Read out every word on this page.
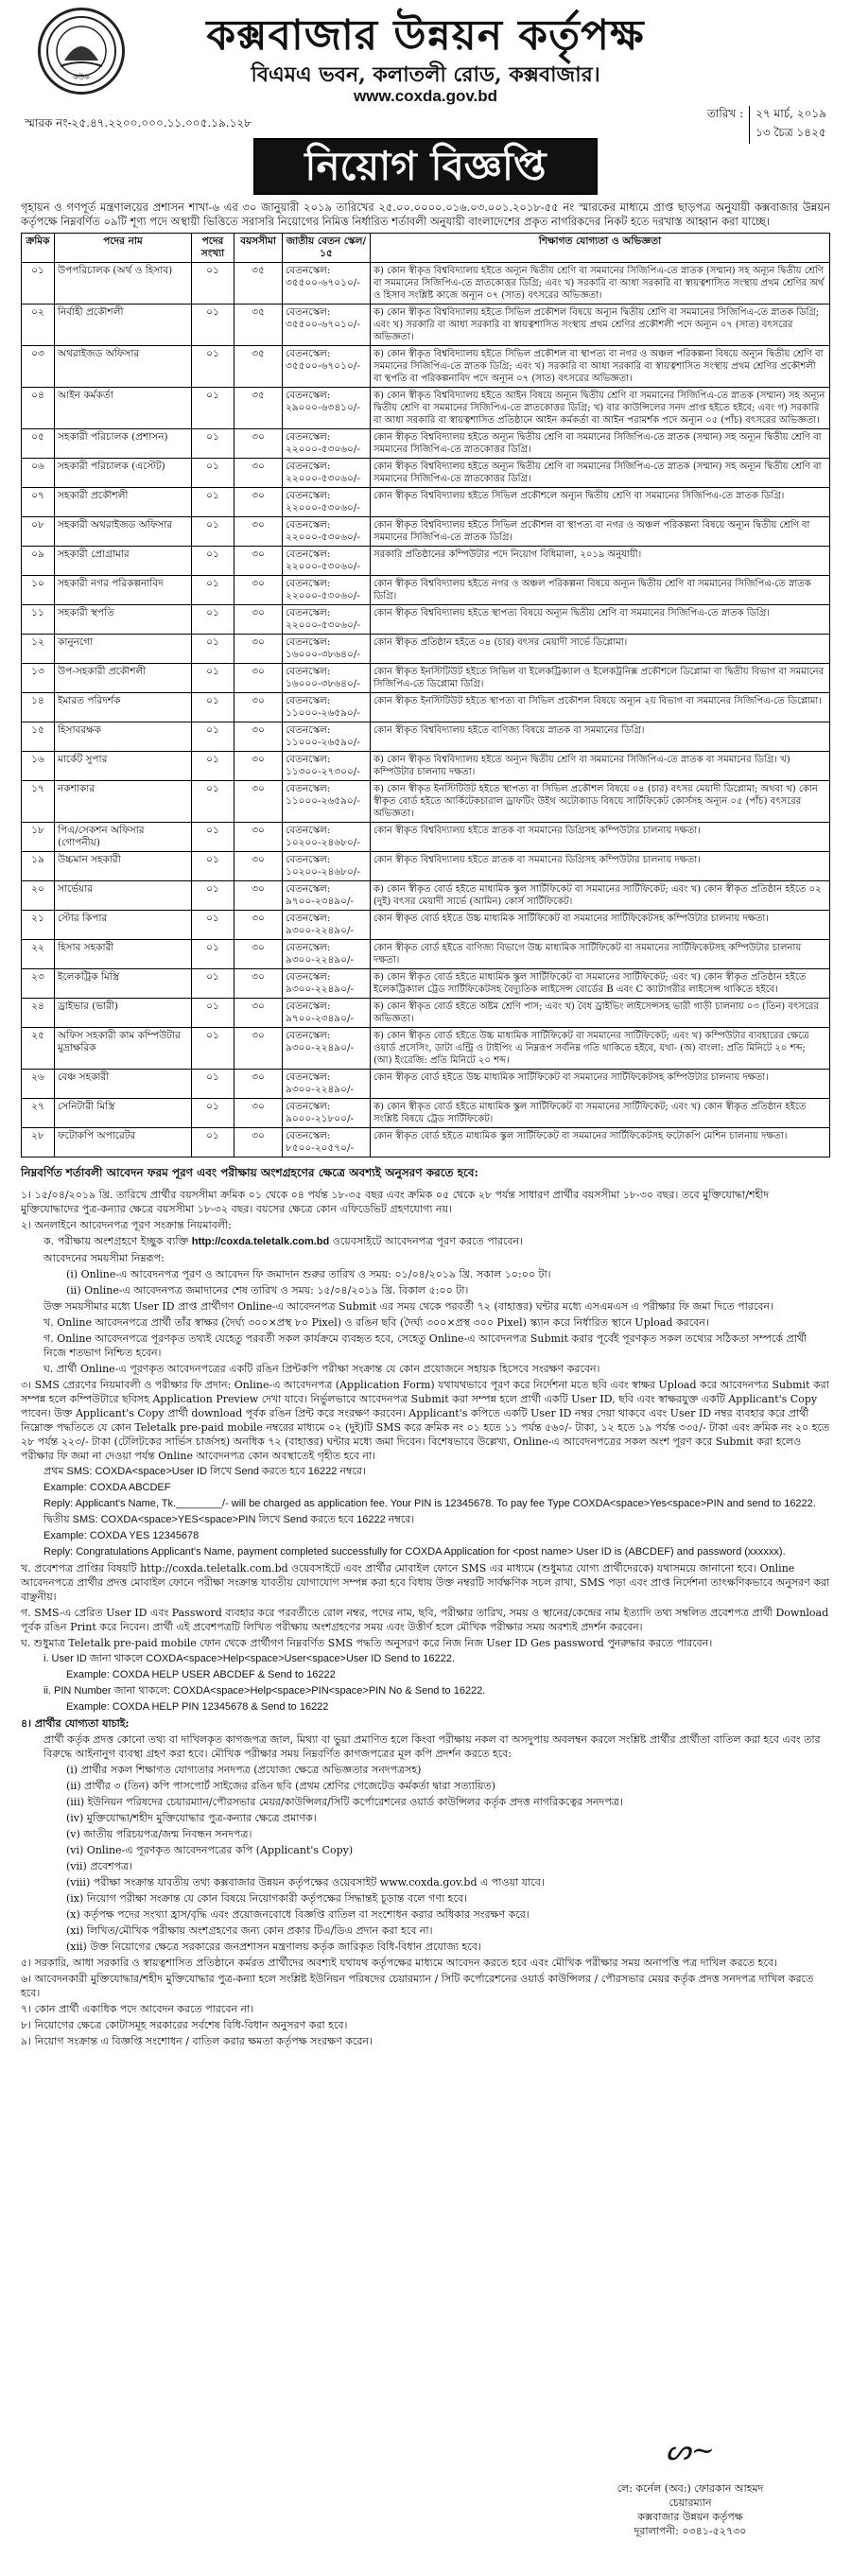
কউক
কক্সবাজার উন্নয়ন কর্তৃপক্ষ
বিএমএ ভবন, কলাতলী রোড, কক্সবাজার।
www.coxda.gov.bd
স্মারক নং-২৫.৪৭.২২০০.০০০.১১.০০৫.১৯.১২৮
তারিখ : ২৭ মার্চ, ২০১৯
১৩ চৈত্র ১৪২৫
নিয়োগ বিজ্ঞপ্তি
গৃহায়ন ও গণপূর্ত মন্ত্রণালয়ের প্রশাসন শাখা-৬ এর ৩০ জানুয়ারী ২০১৯ তারিখের ২৫.০০.০০০০.০১৬.০৩.০০১.২০১৮-৫৫ নং স্মারকের মাধ্যমে প্রাপ্ত ছাড়পত্র অনুযায়ী কক্সবাজার উন্নয়ন কর্তৃপক্ষে নিম্নবর্ণিত ০৯টি শূণ্য পদে অস্থায়ী ভিত্তিতে সরাসরি নিয়োগের নিমিত্ত নির্ধারিত শর্তাবলী অনুযায়ী বাংলাদেশের প্রকৃত নাগরিকদের নিকট হতে দরখাস্ত আহ্বান করা যাচ্ছে।
ক্রমিক	পদের নাম	পদের সংখ্যা	বয়সসীমা	জাতীয় বেতন স্কেল/১৫	শিক্ষাগত যোগ্যতা ও অভিজ্ঞতা
০১	উপপরিচালক (অর্থ ও হিসাব)	০১	৩৫	বেতনস্কেল: ৩৫৫০০-৬৭০১০/-	ক) কোন স্বীকৃত বিশ্ববিদ্যালয় হইতে অন্যূন দ্বিতীয় শ্রেণি বা সমমানের সিজিপিএ-তে স্নাতক (সম্মান) সহ অন্যূন দ্বিতীয় শ্রেণি বা সমমানের সিজিপিএ-তে স্নাতকোত্তর ডিগ্রি; এবং খ) সরকারি বা আধা সরকারি বা স্বায়ত্বশাসিত সংস্থায় প্রথম শ্রেণির অর্থ ও হিসাব সংশ্লিষ্ট কাজে অন্যূন ০৭ (সাত) বৎসরের অভিজ্ঞতা।
০২	নির্বাহী প্রকৌশলী	০১	৩৫	বেতনস্কেল: ৩৫৫০০-৬৭০১০/-	ক) কোন স্বীকৃত বিশ্ববিদ্যালয় হইতে সিভিল প্রকৌশল বিষয়ে অন্যূন দ্বিতীয় শ্রেণি বা সমমানের সিজিপিএ-তে স্নাতক ডিগ্রি; এবং খ) সরকারি বা আধা সরকারি বা স্বায়ত্বশাসিত সংস্থায় প্রথম শ্রেণির প্রকৌশলী পদে অন্যূন ০৭ (সাত) বৎসরের অভিজ্ঞতা।
০৩	অথরাইজড অফিসার	০১	৩৫	বেতনস্কেল: ৩৫৫০০-৬৭০১০/-	ক) কোন স্বীকৃত বিশ্ববিদ্যালয় হইতে সিভিল প্রকৌশল বা স্থাপত্য বা নগর ও অঞ্চল পরিকল্পনা বিষয়ে অন্যূন দ্বিতীয় শ্রেণি বা সমমানের সিজিপিএ-তে স্নাতক ডিগ্রি; এবং খ) সরকারি বা আধা সরকারি বা স্বায়ত্বশাসিত সংস্থায় প্রথম শ্রেণির প্রকৌশলী বা স্থপতি বা পরিকল্পনাবিদ পদে অন্যূন ০৭ (সাত) বৎসরের অভিজ্ঞতা।
০৪	আইন কর্মকর্তা	০১	৩৫	বেতনস্কেল: ২৯০০০-৬৩৪১০/-	ক) কোন স্বীকৃত বিশ্ববিদ্যালয় হইতে আইন বিষয়ে অন্যূন দ্বিতীয় শ্রেণি বা সমমানের সিজিপিএ-তে স্নাতক (সম্মান) সহ অন্যূন দ্বিতীয় শ্রেণি বা সমমানের সিজিপিএ-তে স্নাতকোত্তর ডিগ্রি; খ) বার কাউন্সিলের সনদ প্রাপ্ত হইতে হইবে; এবং গ) সরকারি বা আধা সরকারি বা স্বায়ত্বশাসিত প্রতিষ্ঠানে আইন কর্মকর্তা বা আইন পরামর্শক পদে অন্যূন ০৫ (পাঁচ) বৎসরের অভিজ্ঞতা।
০৫	সহকারী পরিচালক (প্রশাসন)	০১	৩০	বেতনস্কেল: ২২০০০-৫৩০৬০/-	কোন স্বীকৃত বিশ্ববিদ্যালয় হইতে অন্যূন দ্বিতীয় শ্রেণি বা সমমানের সিজিপিএ-তে স্নাতক (সম্মান) সহ অন্যূন দ্বিতীয় শ্রেণি বা সমমানের সিজিপিএ-তে স্নাতকোত্তর ডিগ্রি।
০৬	সহকারী পরিচালক (এস্টেট)	০১	৩০	বেতনস্কেল: ২২০০০-৫৩০৬০/-	কোন স্বীকৃত বিশ্ববিদ্যালয় হইতে অন্যূন দ্বিতীয় শ্রেণি বা সমমানের সিজিপিএ-তে স্নাতক (সম্মান) সহ অন্যূন দ্বিতীয় শ্রেণি বা সমমানের সিজিপিএ-তে স্নাতকোত্তর ডিগ্রি।
০৭	সহকারী প্রকৌশলী	০১	৩০	বেতনস্কেল: ২২০০০-৫৩০৬০/-	কোন স্বীকৃত বিশ্ববিদ্যালয় হইতে সিভিল প্রকৌশলে অন্যূন দ্বিতীয় শ্রেণি বা সমমানের সিজিপিএ-তে স্নাতক ডিগ্রি।
০৮	সহকারী অথরাইজড অফিসার	০১	৩০	বেতনস্কেল: ২২০০০-৫৩০৬০/-	কোন স্বীকৃত বিশ্ববিদ্যালয় হইতে সিভিল প্রকৌশল বা স্থাপত্য বা নগর ও অঞ্চল পরিকল্পনা বিষয়ে অন্যূন দ্বিতীয় শ্রেণি বা সমমানের সিজিপিএ-তে স্নাতক ডিগ্রি।
০৯	সহকারী প্রোগ্রামার	০১	৩০	বেতনস্কেল: ২২০০০-৫৩০৬০/-	সরকারি প্রতিষ্ঠানের কম্পিউটার পদে নিয়োগ বিধিমালা, ২০১৯ অনুযায়ী।
১০	সহকারী নগর পরিকল্পনাবিদ	০১	৩০	বেতনস্কেল: ২২০০০-৫৩০৬০/-	কোন স্বীকৃত বিশ্ববিদ্যালয় হইতে নগর ও অঞ্চল পরিকল্পনা বিষয়ে অন্যূন দ্বিতীয় শ্রেণি বা সমমানের সিজিপিএ-তে স্নাতক ডিগ্রি।
১১	সহকারী স্থপতি	০১	৩০	বেতনস্কেল: ২২০০০-৫৩০৬০/-	কোন স্বীকৃত বিশ্ববিদ্যালয় হইতে স্থাপত্য বিষয়ে অন্যূন দ্বিতীয় শ্রেণি বা সমমানের সিজিপিএ-তে স্নাতক ডিগ্রি।
১২	কানুনগো	০১	৩০	বেতনস্কেল: ১৬০০০-৩৮৬৪০/-	কোন স্বীকৃত প্রতিষ্ঠান হইতে ০৪ (চার) বৎসর মেয়াদী সার্ভে ডিপ্লোমা।
১৩	উপ-সহকারী প্রকৌশলী	০১	৩০	বেতনস্কেল: ১৬০০০-৩৮৬৪০/-	কোন স্বীকৃত ইনস্টিটিউট হইতে সিভিল বা ইলেকট্রিক্যাল ও ইলেকট্রনিক্স প্রকৌশলে ডিপ্লোমা বা দ্বিতীয় বিভাগ বা সমমানের সিজিপিএ-তে ডিপ্লোমা ডিগ্রি।
১৪	ইমারত পরিদর্শক	০১	৩০	বেতনস্কেল: ১১০০০-২৬৫৯০/-	কোন স্বীকৃত ইনস্টিটিউট হইতে স্থাপত্য বা সিভিল প্রকৌশল বিষয়ে অন্যূন ২য় বিভাগ বা সমমানের সিজিপিএ-তে ডিপ্লোমা।
১৫	হিসাবরক্ষক	০১	৩০	বেতনস্কেল: ১১০০০-২৬৫৯০/-	কোন স্বীকৃত বিশ্ববিদ্যালয় হইতে বাণিজ্য বিষয়ে স্নাতক বা সমমানের ডিগ্রি।
১৬	মার্কেট সুপার	০১	৩০	বেতনস্কেল: ১১৩০০-২৭৩০০/-	ক) কোন স্বীকৃত বিশ্ববিদ্যালয় হইতে অন্যূন দ্বিতীয় শ্রেণি বা সমমানের সিজিপিএ-তে স্নাতক বা সমমানের ডিগ্রি। খ) কম্পিউটার চালনায় দক্ষতা।
১৭	নকশাকার	০১	৩০	বেতনস্কেল: ১১০০০-২৬৫৯০/-	ক) কোন স্বীকৃত ইনস্টিটিউট হইতে স্থাপত্য বা সিভিল প্রকৌশল বিষয়ে ০৪ (চার) বৎসর মেয়াদী ডিপ্লোমা; অথবা খ) কোন স্বীকৃত বোর্ড হইতে আর্কিটেকচারাল ড্রাফটিং উইথ অটোক্যাড বিষয়ে সার্টিফিকেট কোর্সসহ অন্যূন ০৫ (পাঁচ) বৎসরের অভিজ্ঞতা।
১৮	পিএ/সেকশন অফিসার (গোপনীয়)	০১	৩০	বেতনস্কেল: ১০২০০-২৪৬৮০/-	কোন স্বীকৃত বিশ্ববিদ্যালয় হইতে স্নাতক বা সমমানের ডিগ্রিসহ কম্পিউটার চালনায় দক্ষতা।
১৯	উচ্চমান সহকারী	০১	৩০	বেতনস্কেল: ১০২০০-২৪৬৮০/-	কোন স্বীকৃত বিশ্ববিদ্যালয় হইতে স্নাতক বা সমমানের ডিগ্রিসহ কম্পিউটার চালনায় দক্ষতা।
২০	সার্ভেয়ার	০১	৩০	বেতনস্কেল: ৯৭০০-২৩৪৯০/-	ক) কোন স্বীকৃত বোর্ড হইতে মাধ্যমিক স্কুল সার্টিফিকেট বা সমমানের সার্টিফিকেট; এবং খ) কোন স্বীকৃত প্রতিষ্ঠান হইতে ০২ (দুই) বৎসর মেয়াদী সার্ভে (আমিন) কোর্স সার্টিফিকেট।
২১	স্টোর কিপার	০১	৩০	বেতনস্কেল: ৯৩০০-২২৪৯০/-	কোন স্বীকৃত বোর্ড হইতে উচ্চ মাধ্যমিক সার্টিফিকেট বা সমমানের সার্টিফিকেটসহ কম্পিউটার চালনায় দক্ষতা।
২২	হিসাব সহকারী	০১	৩০	বেতনস্কেল: ৯৩০০-২২৪৯০/-	কোন স্বীকৃত বোর্ড হইতে বাণিজ্য বিভাগে উচ্চ মাধ্যমিক সার্টিফিকেট বা সমমানের সার্টিফিকেটসহ কম্পিউটার চালনায় দক্ষতা।
২৩	ইলেকট্রিক মিস্ত্রি	০১	৩০	বেতনস্কেল: ৯৩০০-২২৪৯০/-	ক) কোন স্বীকৃত বোর্ড হইতে মাধ্যমিক স্কুল সার্টিফিকেট বা সমমানের সার্টিফিকেট; এবং খ) কোন স্বীকৃত প্রতিষ্ঠান হইতে ইলেকট্রিক্যাল ট্রেড সার্টিফিকেটসহ বৈদ্যুতিক লাইসেন্স বোর্ডের B এবং C ক্যাটাগরীর লাইসেন্স থাকিতে হইবে।
২৪	ড্রাইভার (ভারী)	০১	৩০	বেতনস্কেল: ৯৭০০-২৩৪৯০/-	ক) কোন স্বীকৃত বোর্ড হইতে অষ্টম শ্রেণি পাস; এবং খ) বৈধ ড্রাইভিং লাইসেন্সসহ ভারী গাড়ী চালনায় ০৩ (তিন) বৎসরের অভিজ্ঞতা।
২৫	অফিস সহকারী কাম কম্পিউটার মুদ্রাক্ষরিক	০১	৩০	বেতনস্কেল: ৯৩০০-২২৪৯০/-	ক) কোন স্বীকৃত বোর্ড হইতে উচ্চ মাধ্যমিক সার্টিফিকেট বা সমমানের সার্টিফিকেট; এবং খ) কম্পিউটার ব্যবহারের ক্ষেত্রে ওয়ার্ড প্রসেসিং, ডাটা এন্ট্রি ও টাইপিং এ নিম্নরূপ সর্বনিম্ন গতি থাকিতে হইবে, যথা- (অ) বাংলা: প্রতি মিনিটে ২০ শব্দ; (আ) ইংরেজি: প্রতি মিনিটে ২০ শব্দ।
২৬	বেঞ্চ সহকারী	০১	৩০	বেতনস্কেল: ৯৩০০-২২৪৯০/-	কোন স্বীকৃত বোর্ড হইতে উচ্চ মাধ্যমিক সার্টিফিকেট বা সমমানের সার্টিফিকেটসহ কম্পিউটার চালনায় দক্ষতা।
২৭	সেনিটারী মিস্ত্রি	০১	৩০	বেতনস্কেল: ৯০০০-২১৮০০/-	ক) কোন স্বীকৃত বোর্ড হইতে মাধ্যমিক স্কুল সার্টিফিকেট বা সমমানের সার্টিফিকেট; এবং খ) কোন স্বীকৃত প্রতিষ্ঠান হইতে সংশ্লিষ্ট বিষয়ে ট্রেড সার্টিফিকেট।
২৮	ফটোকপি অপারেটর	০১	৩০	বেতনস্কেল: ৮৫০০-২০৫৭০/-	কোন স্বীকৃত বোর্ড হইতে মাধ্যমিক স্কুল সার্টিফিকেট বা সমমানের সার্টিফিকেটসহ ফটোকপি মেশিন চালনায় দক্ষতা।
নিম্নবর্ণিত শর্তাবলী আবেদন ফরম পূরণ এবং পরীক্ষায় অংশগ্রহণের ক্ষেত্রে অবশ্যই অনুসরণ করতে হবে:

১। ১৫/০৪/২০১৯ খ্রি. তারিখে প্রার্থীর বয়সসীমা ক্রমিক ০১ থেকে ০৪ পর্যন্ত ১৮-৩৫ বছর এবং ক্রমিক ০৫ থেকে ২৮ পর্যন্ত সাধারণ প্রার্থীর বয়সসীমা ১৮-৩০ বছর। তবে মুক্তিযোদ্ধা/শহীদ মুক্তিযোদ্ধাদের পুত্র-কন্যার ক্ষেত্রে বয়সসীমা ১৮-৩২ বছর। বয়সের ক্ষেত্রে কোন এফিডেভিট গ্রহণযোগ্য নয়।

২। অনলাইনে আবেদনপত্র পূরণ সংক্রান্ত নিয়মাবলী:

ক. পরীক্ষায় অংশগ্রহণে ইচ্ছুক ব্যক্তি http://coxda.teletalk.com.bd ওয়েবসাইটে আবেদনপত্র পূরণ করতে পারবেন।

আবেদনের সময়সীমা নিম্নরূপ:

(i) Online-এ আবেদনপত্র পূরণ ও আবেদন ফি জমাদান শুরুর তারিখ ও সময়: ০১/০৪/২০১৯ খ্রি. সকাল ১০:০০ টা।

(ii) Online-এ আবেদনপত্র জমাদানের শেষ তারিখ ও সময়: ১৫/০৪/২০১৯ খ্রি. বিকাল ৫:০০ টা।

উক্ত সময়সীমার মধ্যে User ID প্রাপ্ত প্রার্থীগণ Online-এ আবেদনপত্র Submit এর সময় থেকে পরবর্তী ৭২ (বাহাত্তর) ঘন্টার মধ্যে এসএমএস এ পরীক্ষার ফি জমা দিতে পারবেন।

খ. Online আবেদনপত্রে প্রার্থী তাঁর স্বাক্ষর (দৈর্ঘ্য ৩০০×প্রস্থ ৮০ Pixel) ও রঙিন ছবি (দৈর্ঘ্য ৩০০×প্রস্থ ৩০০ Pixel) স্ক্যান করে নির্ধারিত স্থানে Upload করবেন।

গ. Online আবেদনপত্রে পূরণকৃত তথ্যই যেহেতু পরবর্তী সকল কার্যক্রমে ব্যবহৃত হবে, সেহেতু Online-এ আবেদনপত্র Submit করার পূর্বেই পূরণকৃত সকল তথ্যের সঠিকতা সম্পর্কে প্রার্থী নিজে শতভাগ নিশ্চিত হবেন।

ঘ. প্রার্থী Online-এ পূরণকৃত আবেদনপত্রের একটি রঙিন প্রিন্টকপি পরীক্ষা সংক্রান্ত যে কোন প্রয়োজনে সহায়ক হিসেবে সংরক্ষণ করবেন।

৩। SMS প্রেরণের নিয়মাবলী ও পরীক্ষার ফি প্রদান: Online-এ আবেদনপত্র (Application Form) যথাযথভাবে পূরণ করে নির্দেশনা মতে ছবি এবং স্বাক্ষর Upload করে আবেদনপত্র Submit করা সম্পন্ন হলে কম্পিউটারে ছবিসহ Application Preview দেখা যাবে। নির্ভুলভাবে আবেদনপত্র Submit করা সম্পন্ন হলে প্রার্থী একটি User ID, ছবি এবং স্বাক্ষরযুক্ত একটি Applicant's Copy পাবেন। উক্ত Applicant's Copy প্রার্থী download পূর্বক রঙিন প্রিন্ট করে সংরক্ষণ করবেন। Applicant's কপিতে একটি User ID নম্বর দেয়া থাকবে এবং User ID নম্বর ব্যবহার করে প্রার্থী নিম্নোক্ত পদ্ধতিতে যে কোন Teletalk pre-paid mobile নম্বরের মাধ্যমে ০২ (দুই)টি SMS করে ক্রমিক নং ০১ হতে ১১ পর্যন্ত ৫৬০/- টাকা, ১২ হতে ১৯ পর্যন্ত ৩৩৫/- টাকা এবং ক্রমিক নং ২০ হতে ২৮ পর্যন্ত ২২৩/- টাকা (টেলিটকের সার্ভিস চার্জসহ) অনধিক ৭২ (বাহাত্তর) ঘন্টার মধ্যে জমা দিবেন। বিশেষভাবে উল্লেখ্য, Online-এ আবেদনপত্রের সকল অংশ পূরণ করে Submit করা হলেও পরীক্ষার ফি জমা না দেওয়া পর্যন্ত Online আবেদনপত্র কোন অবস্থাতেই গৃহীত হবে না।

প্রথম SMS: COXDA<space>User ID লিখে Send করতে হবে 16222 নম্বরে।

Example: COXDA ABCDEF

Reply: Applicant's Name, Tk.________/- will be charged as application fee. Your PIN is 12345678. To pay fee Type COXDA<space>Yes<space>PIN and send to 16222.

দ্বিতীয় SMS: COXDA<space>YES<space>PIN লিখে Send করতে হবে 16222 নম্বরে।

Example: COXDA YES 12345678

Reply: Congratulations Applicant's Name, payment completed successfully for COXDA Application for <post name> User ID is (ABCDEF) and password (xxxxxx).

খ. প্রবেশপত্র প্রাপ্তির বিষয়টি http://coxda.teletalk.com.bd ওয়েবসাইটে এবং প্রার্থীর মোবাইল ফোনে SMS এর মাধ্যমে (শুধুমাত্র যোগ্য প্রার্থীদেরকে) যথাসময়ে জানানো হবে। Online আবেদনপত্রে প্রার্থীর প্রদত্ত মোবাইল ফোনে পরীক্ষা সংক্রান্ত যাবতীয় যোগাযোগ সম্পন্ন করা হবে বিধায় উক্ত নম্বরটি সার্বক্ষণিক সচল রাখা, SMS পড়া এবং প্রাপ্ত নির্দেশনা তাৎক্ষণিকভাবে অনুসরণ করা বাঞ্ছনীয়।

গ. SMS-এ প্রেরিত User ID এবং Password ব্যবহার করে পরবর্তীতে রোল নম্বর, পদের নাম, ছবি, পরীক্ষার তারিখ, সময় ও স্থানের/কেন্দ্রের নাম ইত্যাদি তথ্য সম্বলিত প্রবেশপত্র প্রার্থী Download পূর্বক রঙিন Print করে নিবেন। প্রার্থী এই প্রবেশপত্রটি লিখিত পরীক্ষায় অংশগ্রহণের সময় এবং উত্তীর্ণ হলে মৌখিক পরীক্ষার সময় অবশ্যই প্রদর্শন করবেন।

ঘ. শুধুমাত্র Teletalk pre-paid mobile ফোন থেকে প্রার্থীগণ নিম্নবর্ণিত SMS পদ্ধতি অনুসরণ করে নিজ নিজ User ID Ges password পুনরুদ্ধার করতে পারবেন।

i. User ID জানা থাকলে COXDA<space>Help<space>User<space>User ID Send to 16222.

Example: COXDA HELP USER ABCDEF & Send to 16222

ii. PIN Number জানা থাকলে: COXDA<space>Help<space>PIN<space>PIN No & Send to 16222.

Example: COXDA HELP PIN 12345678 & Send to 16222

৪। প্রার্থীর যোগ্যতা যাচাই:

প্রার্থী কর্তৃক প্রদত্ত কোনো তথ্য বা দাখিলকৃত কাগজপত্র জাল, মিথ্যা বা ভুয়া প্রমাণিত হলে কিংবা পরীক্ষায় নকল বা অসদুপায় অবলম্বন করলে সংশ্লিষ্ট প্রার্থীর প্রার্থীতা বাতিল করা হবে এবং তার বিরুদ্ধে আইনানুগ ব্যবস্থা গ্রহণ করা হবে। মৌখিক পরীক্ষার সময় নিম্নবর্ণিত কাগজপত্রের মূল কপি প্রদর্শন করতে হবে:

(i) প্রার্থীর সকল শিক্ষাগত যোগ্যতার সনদপত্র (প্রযোজ্য ক্ষেত্রে অভিজ্ঞতার সনদপত্রসহ)

(ii) প্রার্থীর ৩ (তিন) কপি পাসপোর্ট সাইজের রঙিন ছবি (প্রথম শ্রেণির গেজেটেড কর্মকর্তা দ্বারা সত্যায়িত)

(iii) ইউনিয়ন পরিষদের চেয়ারম্যান/পৌরসভার মেয়র/কাউন্সিলর/সিটি কর্পোরেশনের ওয়ার্ড কাউন্সিলর কর্তৃক প্রদত্ত নাগরিকত্বের সনদপত্র।

(iv) মুক্তিযোদ্ধা/শহীদ মুক্তিযোদ্ধার পুত্র-কন্যার ক্ষেত্রে প্রমাণক।

(v) জাতীয় পরিচয়পত্র/জন্ম নিবন্ধন সনদপত্র।

(vi) Online-এ পূরণকৃত আবেদনপত্রের কপি (Applicant's Copy)

(vii) প্রবেশপত্র।

(viii) পরীক্ষা সংক্রান্ত যাবতীয় তথ্য কক্সবাজার উন্নয়ন কর্তৃপক্ষের ওয়েবসাইট www.coxda.gov.bd এ পাওয়া যাবে।

(ix) নিয়োগ পরীক্ষা সংক্রান্ত যে কোন বিষয়ে নিয়োগকারী কর্তৃপক্ষের সিদ্ধান্তই চূড়ান্ত বলে গণ্য হবে।

(x) কর্তৃপক্ষ পদের সংখ্যা হ্রাস/বৃদ্ধি এবং প্রয়োজনবোধে বিজ্ঞপ্তি বাতিল বা সংশোধন করার অধিকার সংরক্ষণ করে।

(xi) লিখিত/মৌখিক পরীক্ষায় অংশগ্রহণের জন্য কোন প্রকার টিএ/ডিএ প্রদান করা হবে না।

(xii) উক্ত নিয়োগের ক্ষেত্রে সরকারের জনপ্রশাসন মন্ত্রণালয় কর্তৃক জারিকৃত বিধি-বিধান প্রযোজ্য হবে।

৫। সরকারি, আধা সরকারি ও স্বায়ত্বশাসিত প্রতিষ্ঠানে কর্মরত প্রার্থীদের অবশ্যই যথাযথ কর্তৃপক্ষের মাধ্যমে আবেদন করতে হবে এবং মৌখিক পরীক্ষার সময় অনাপত্তি পত্র দাখিল করতে হবে।

৬। আবেদনকারী মুক্তিযোদ্ধার/শহীদ মুক্তিযোদ্ধার পুত্র-কন্যা হলে সংশ্লিষ্ট ইউনিয়ন পরিষদের চেয়ারম্যান / সিটি কর্পোরেশনের ওয়ার্ড কাউন্সিলর / পৌরসভার মেয়র কর্তৃক প্রদত্ত সনদপত্র দাখিল করতে হবে।

৭। কোন প্রার্থী একাধিক পদে আবেদন করতে পারবেন না।

৮। নিয়োগের ক্ষেত্রে কোটাসমূহ সরকারের সর্বশেষ বিধি-বিধান অনুসরণ করা হবে।

৯। নিয়োগ সংক্রান্ত এ বিজ্ঞপ্তি সংশোধন / বাতিল করার ক্ষমতা কর্তৃপক্ষ সংরক্ষণ করেন।

ᔕ~
লে: কর্নেল (অব:) ফোরকান আহমদ
চেয়ারম্যান
কক্সবাজার উন্নয়ন কর্তৃপক্ষ
দূরালাপনী: ০৩৪১-৫২৭৩০
